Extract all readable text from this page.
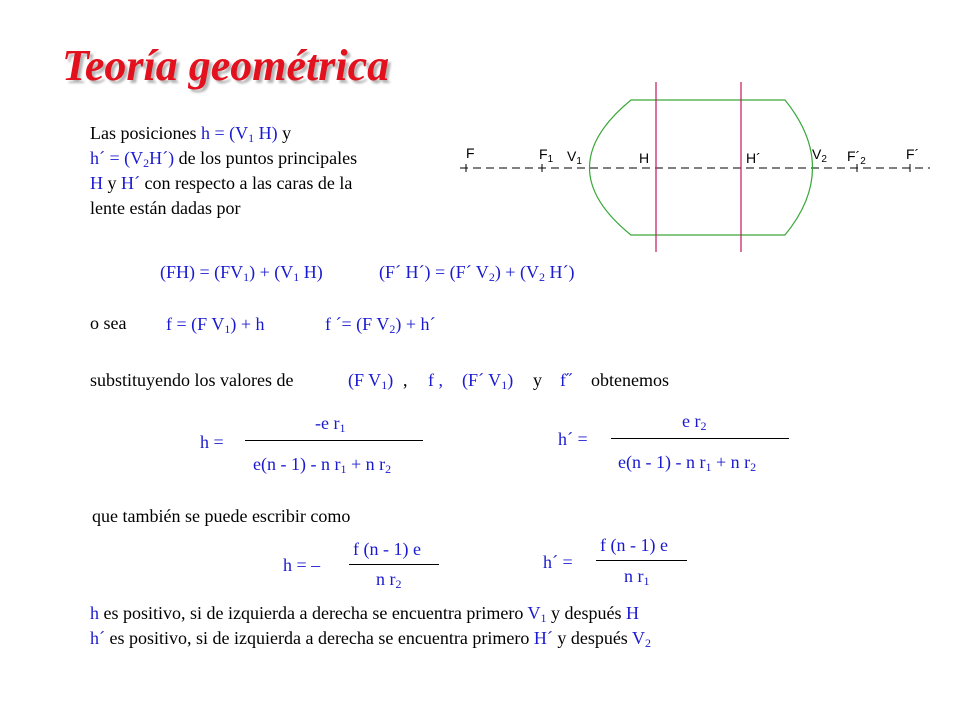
Teoría geométrica
Las posiciones $h = (V_1$ H) y
h´ = $(V_2H´)$ de los puntos principales H y H´ con respecto a las caras de la lente están dadas por
F	$F_1$ $V_1$	H	H´	$V_2$ $F´_2$	F´
$(FH) = (FV_1) + (V_1$ H)	(F´ H´) = (F´ $V_2) + (V_2$ H´)
o sea f = (F $V_1) + h$	f ´= (F $V_2$) + h´
substituyendo los valores de	(F $V_1$) , f , (F´ $V_1$) y f˝ obtenemos
h =
-e $r_1$
e(n - 1) - n $r_1 + n$ $r_2$
h´ =
e $r_2$
e(n - 1) - n $r_1 + n$ $r_2$
que también se puede escribir como
h = –
f (n - 1) e
n $r_2$
h´ =
f (n - 1) e
n $r_1$
h es positivo, si de izquierda a derecha se encuentra primero $V_1$ y después H
h´ es positivo, si de izquierda a derecha se encuentra primero H´ y después $V_2$
